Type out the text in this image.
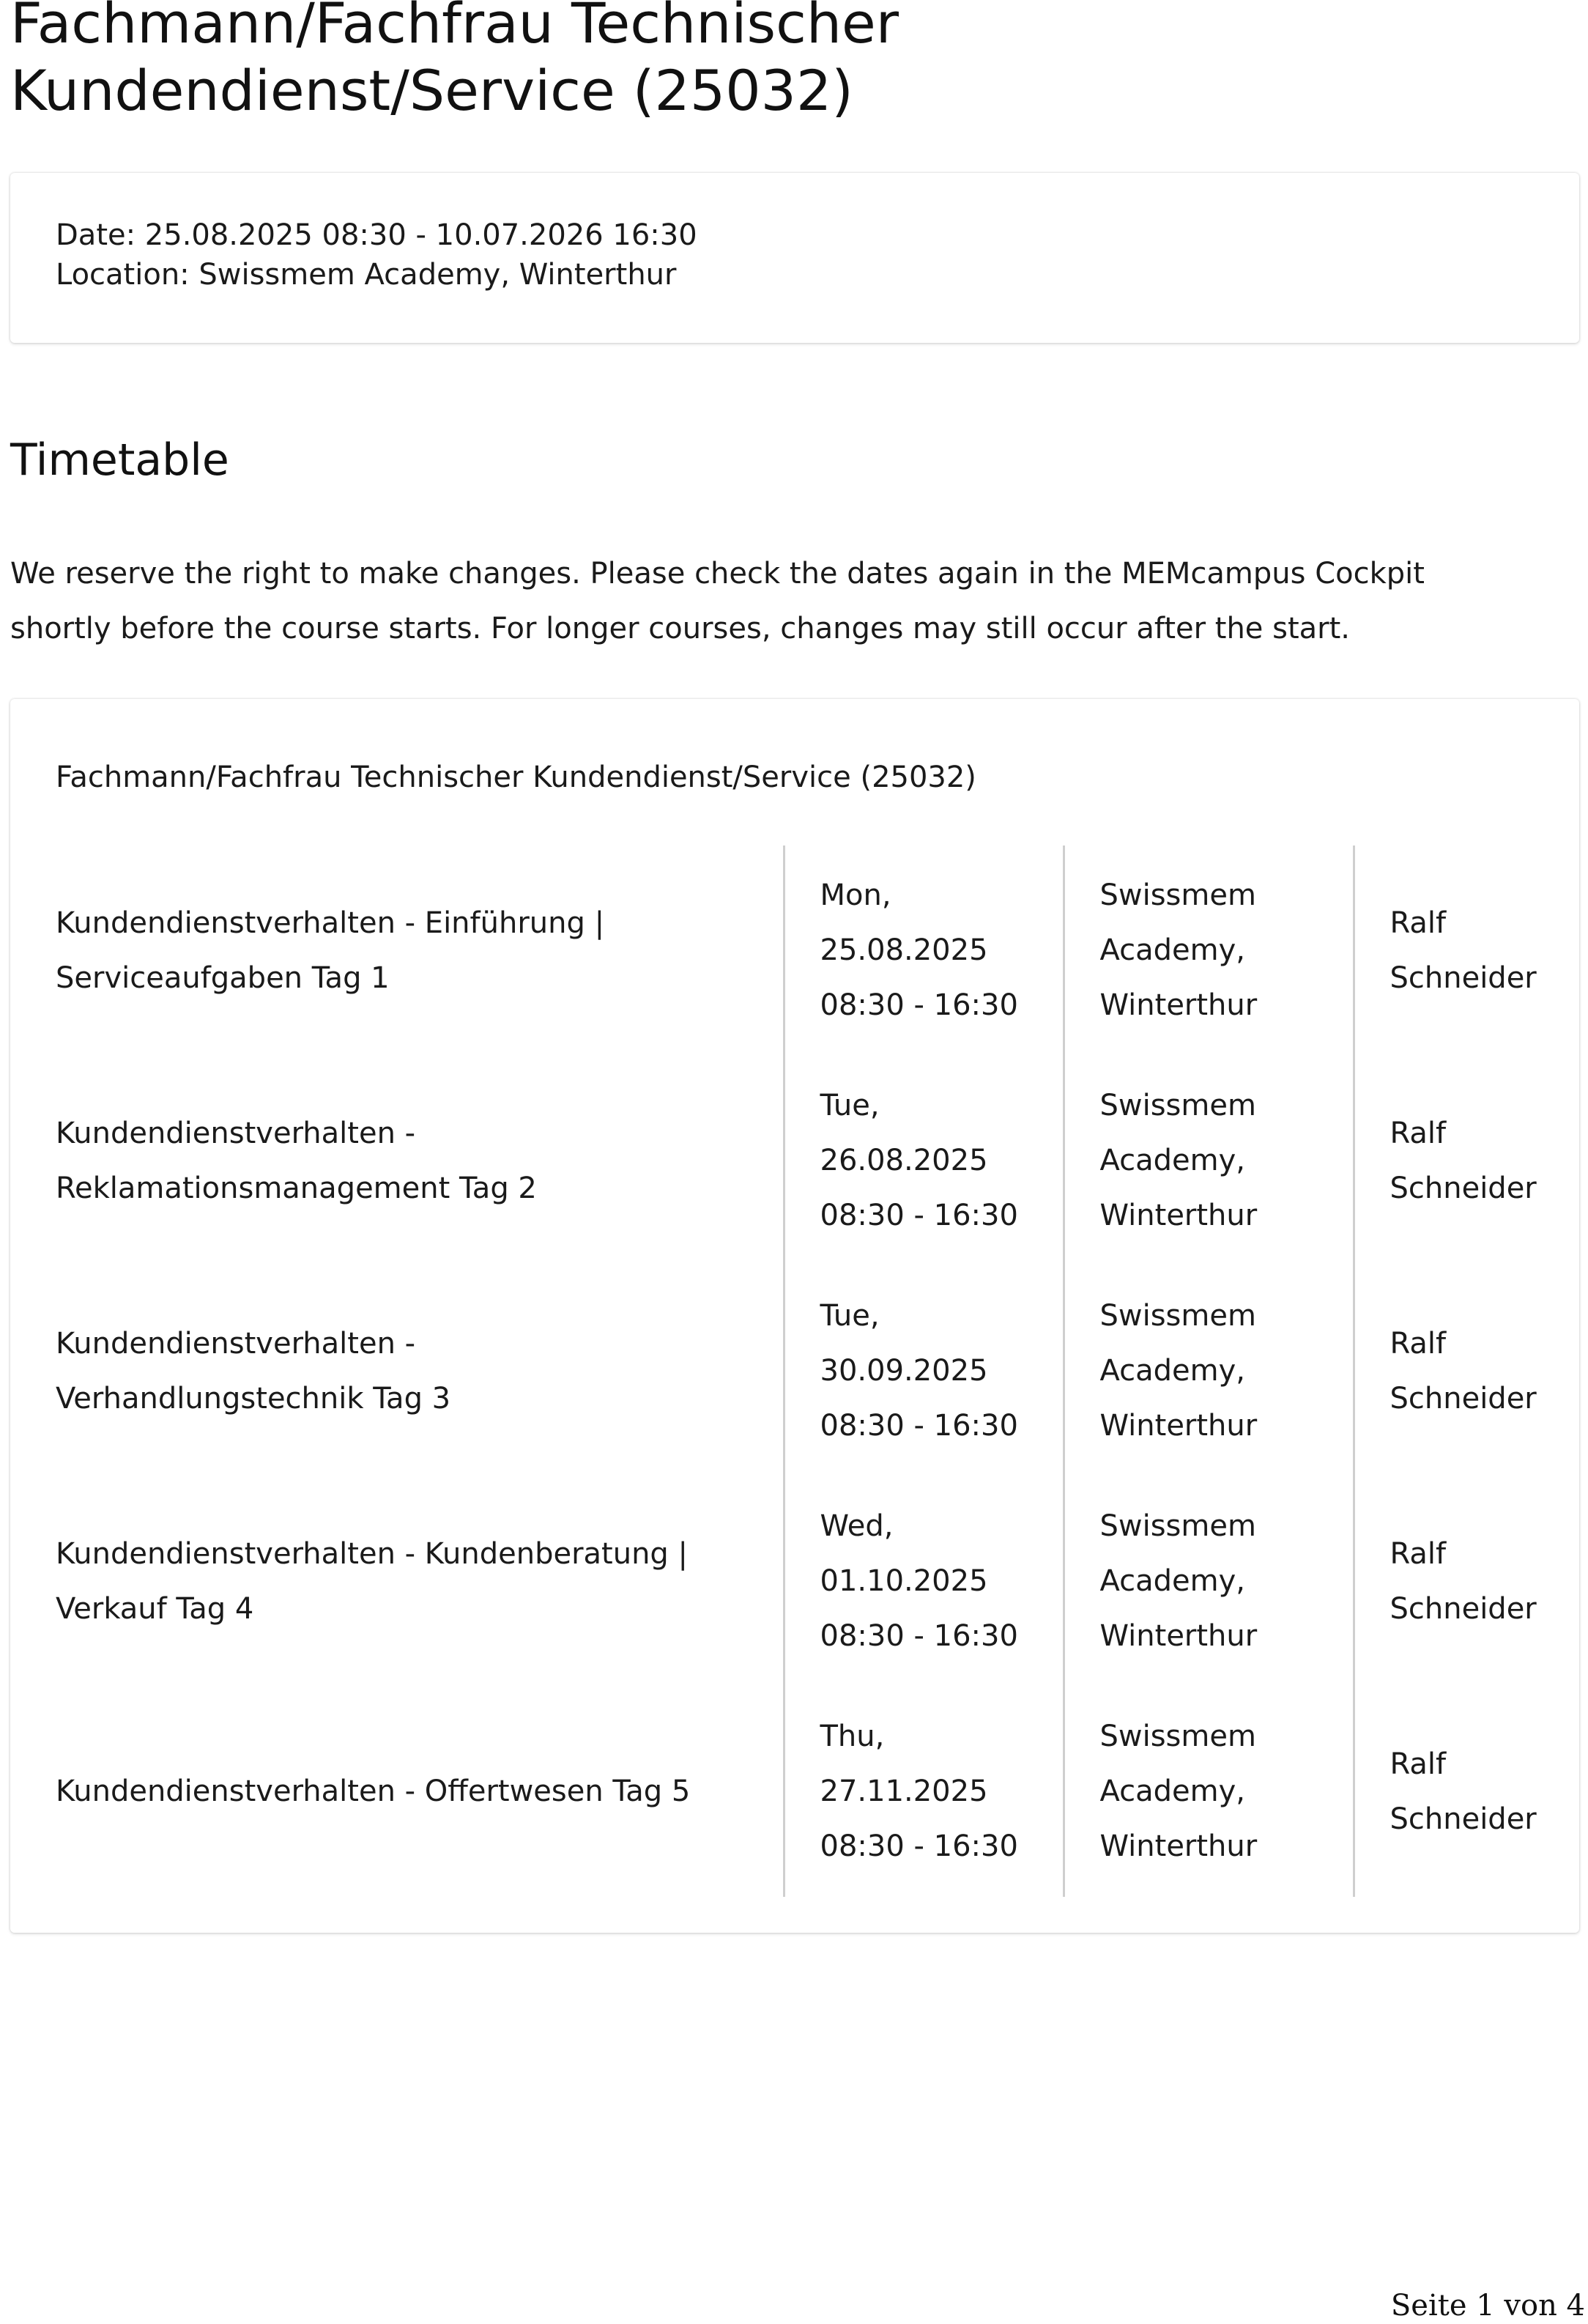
Fachmann/Fachfrau Technischer
Kundendienst/Service (25032)
Date: 25.08.2025 08:30 - 10.07.2026 16:30
Location: Swissmem Academy, Winterthur
Timetable

We reserve the right to make changes. Please check the dates again in the MEMcampus Cockpit
shortly before the course starts. For longer courses, changes may still occur after the start.

Fachmann/Fachfrau Technischer Kundendienst/Service (25032)
Kundendienstverhalten - Einführung |
Serviceaufgaben Tag 1	Mon,
25.08.2025
08:30 - 16:30	Swissmem
Academy,
Winterthur	Ralf
Schneider

Kundendienstverhalten -
Reklamationsmanagement Tag 2	Tue,
26.08.2025
08:30 - 16:30	Swissmem
Academy,
Winterthur	Ralf
Schneider

Kundendienstverhalten -
Verhandlungstechnik Tag 3	Tue,
30.09.2025
08:30 - 16:30	Swissmem
Academy,
Winterthur	Ralf
Schneider

Kundendienstverhalten - Kundenberatung |
Verkauf Tag 4	Wed,
01.10.2025
08:30 - 16:30	Swissmem
Academy,
Winterthur	Ralf
Schneider

Kundendienstverhalten - Offertwesen Tag 5	Thu,
27.11.2025
08:30 - 16:30	Swissmem
Academy,
Winterthur	Ralf
Schneider
Seite 1 von 4
